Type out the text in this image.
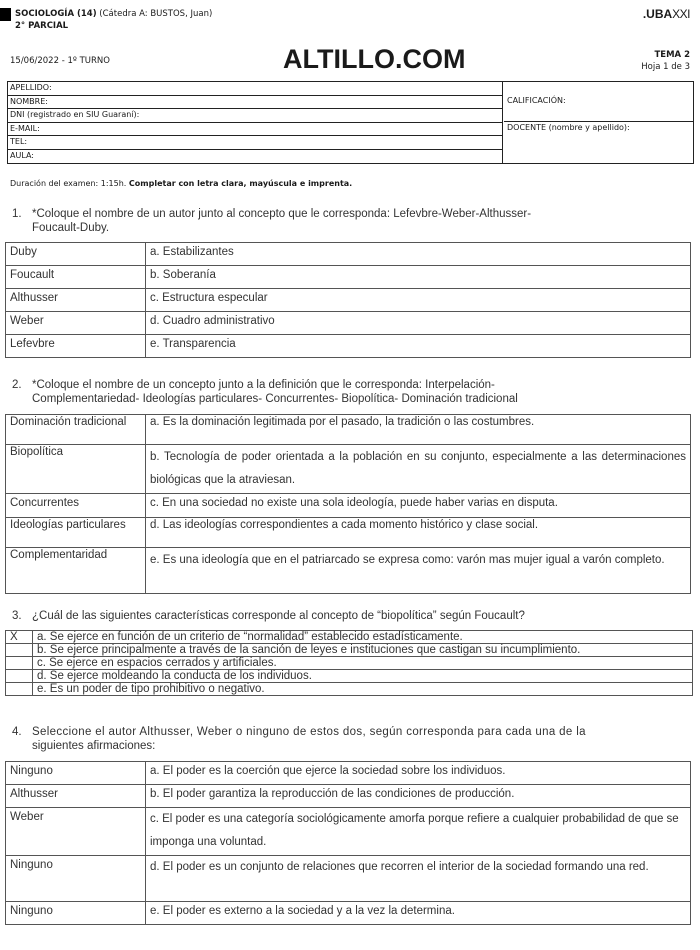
SOCIOLOGÍA (14) (Cátedra A: BUSTOS, Juan)
2° PARCIAL
15/06/2022 - 1º TURNO	ALTILLO.COM
.UBAXXI
TEMA 2
Hoja 1 de 3
APELLIDO:
NOMBRE:
DNI (registrado en SIU Guaraní):
E-MAIL:
TEL:
AULA:
CALIFICACIÓN:
DOCENTE (nombre y apellido):
Duración del examen: 1:15h. Completar con letra clara, mayúscula e imprenta.
1. *Coloque el nombre de un autor junto al concepto que le corresponda: Lefevbre-Weber-Althusser-
Foucault-Duby.
Duby	a. Estabilizantes
Foucault	b. Soberanía
Althusser	c. Estructura especular
Weber	d. Cuadro administrativo
Lefevbre	e. Transparencia
2. *Coloque el nombre de un concepto junto a la definición que le corresponda: Interpelación-
Complementariedad- Ideologías particulares- Concurrentes- Biopolítica- Dominación tradicional
Dominación tradicional	a. Es la dominación legitimada por el pasado, la tradición o las costumbres.
Biopolítica	b. Tecnología de poder orientada a la población en su conjunto, especialmente a las determinaciones biológicas que la atraviesan.
Concurrentes	c. En una sociedad no existe una sola ideología, puede haber varias en disputa.
Ideologías particulares	d. Las ideologías correspondientes a cada momento histórico y clase social.
Complementaridad	e. Es una ideología que en el patriarcado se expresa como: varón mas mujer igual a varón completo.
3. ¿Cuál de las siguientes características corresponde al concepto de “biopolítica” según Foucault?
X	a. Se ejerce en función de un criterio de “normalidad” establecido estadísticamente.
	b. Se ejerce principalmente a través de la sanción de leyes e instituciones que castigan su incumplimiento.
	c. Se ejerce en espacios cerrados y artificiales.
	d. Se ejerce moldeando la conducta de los individuos.
	e. Es un poder de tipo prohibitivo o negativo.
4. Seleccione el autor Althusser, Weber o ninguno de estos dos, según corresponda para cada una de la
siguientes afirmaciones:
Ninguno	a. El poder es la coerción que ejerce la sociedad sobre los individuos.
Althusser	b. El poder garantiza la reproducción de las condiciones de producción.
Weber	c. El poder es una categoría sociológicamente amorfa porque refiere a cualquier probabilidad de que se imponga una voluntad.
Ninguno	d. El poder es un conjunto de relaciones que recorren el interior de la sociedad formando una red.
Ninguno	e. El poder es externo a la sociedad y a la vez la determina.
